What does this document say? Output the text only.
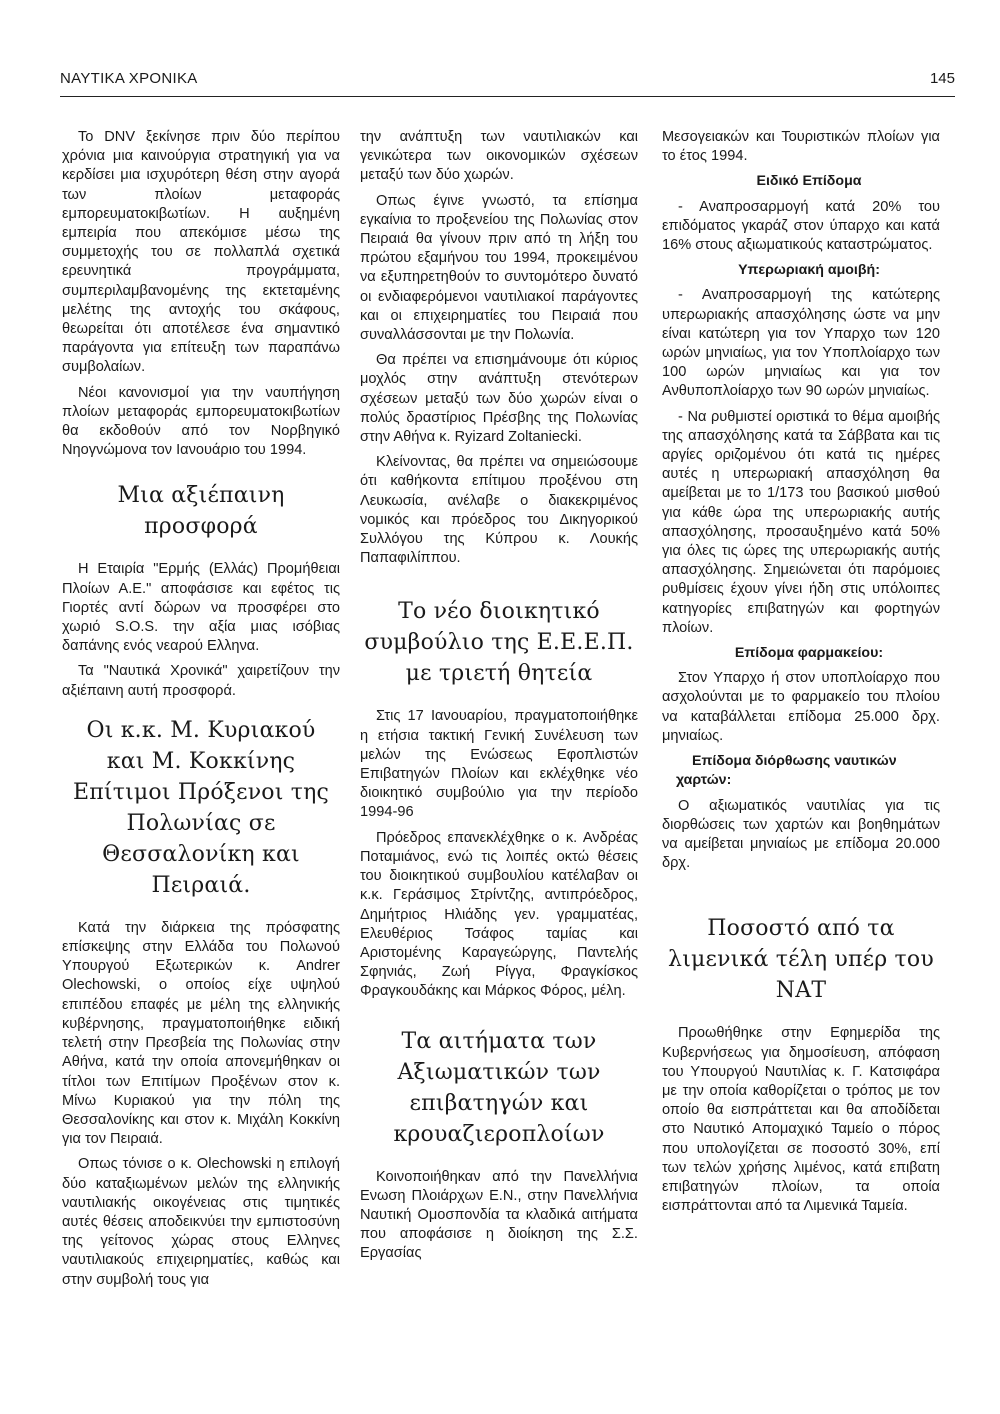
ΝΑΥΤΙΚΑ ΧΡΟΝΙΚΑ	145

Το DNV ξεκίνησε πριν δύο περίπου χρόνια μια καινούργια στρατηγική για να κερδίσει μια ισχυρότερη θέση στην αγορά των πλοίων μεταφοράς εμπορευματοκιβωτίων. Η αυξημένη εμπειρία που απεκόμισε μέσω της συμμετοχής του σε πολλαπλά σχετικά ερευνητικά προγράμματα, συμπεριλαμβανομένης της εκτεταμένης μελέτης της αντοχής του σκάφους, θεωρείται ότι αποτέλεσε ένα σημαντικό παράγοντα για επίτευξη των παραπάνω συμβολαίων.

Νέοι κανονισμοί για την ναυπήγηση πλοίων μεταφοράς εμπορευματοκιβωτίων θα εκδοθούν από τον Νορβηγικό Νηογνώμονα τον Ιανουάριο του 1994.

Μια αξιέπαινη προσφορά

Η Εταιρία "Ερμής (Ελλάς) Προμήθειαι Πλοίων Α.Ε." αποφάσισε και εφέτος τις Γιορτές αντί δώρων να προσφέρει στο χωριό S.O.S. την αξία μιας ισόβιας δαπάνης ενός νεαρού Ελληνα.

Τα "Ναυτικά Χρονικά" χαιρετίζουν την αξιέπαινη αυτή προσφορά.

Οι κ.κ. Μ. Κυριακού και Μ. Κοκκίνης Επίτιμοι Πρόξενοι της Πολωνίας σε Θεσσαλονίκη και Πειραιά.

Κατά την διάρκεια της πρόσφατης επίσκεψης στην Ελλάδα του Πολωνού Υπουργού Εξωτερικών κ. Andrer Olechowski, ο οποίος είχε υψηλού επιπέδου επαφές με μέλη της ελληνικής κυβέρνησης, πραγματοποιήθηκε ειδική τελετή στην Πρεσβεία της Πολωνίας στην Αθήνα, κατά την οποία απονεμήθηκαν οι τίτλοι των Επιτίμων Προξένων στον κ. Μίνω Κυριακού για την πόλη της Θεσσαλονίκης και στον κ. Μιχάλη Κοκκίνη για τον Πειραιά.

Οπως τόνισε ο κ. Olechowski η επιλογή δύο καταξιωμένων μελών της ελληνικής ναυτιλιακής οικογένειας στις τιμητικές αυτές θέσεις αποδεικνύει την εμπιστοσύνη της γείτονος χώρας στους Ελληνες ναυτιλιακούς επιχειρηματίες, καθώς και στην συμβολή τους για

την ανάπτυξη των ναυτιλιακών και γενικώτερα των οικονομικών σχέσεων μεταξύ των δύο χωρών.

Οπως έγινε γνωστό, τα επίσημα εγκαίνια το προξενείου της Πολωνίας στον Πειραιά θα γίνουν πριν από τη λήξη του πρώτου εξαμήνου του 1994, προκειμένου να εξυπηρετηθούν το συντομότερο δυνατό οι ενδιαφερόμενοι ναυτιλιακοί παράγοντες και οι επιχειρηματίες του Πειραιά που συναλλάσσονται με την Πολωνία.

Θα πρέπει να επισημάνουμε ότι κύριος μοχλός στην ανάπτυξη στενότερων σχέσεων μεταξύ των δύο χωρών είναι ο πολύς δραστίριος Πρέσβης της Πολωνίας στην Αθήνα κ. Ryizard Zoltaniecki.

Κλείνοντας, θα πρέπει να σημειώσουμε ότι καθήκοντα επίτιμου προξένου στη Λευκωσία, ανέλαβε ο διακεκριμένος νομικός και πρόεδρος του Δικηγορικού Συλλόγου της Κύπρου κ. Λουκής Παπαφιλίππου.

Το νέο διοικητικό συμβούλιο της Ε.Ε.Ε.Π. με τριετή θητεία

Στις 17 Ιανουαρίου, πραγματοποιήθηκε η ετήσια τακτική Γενική Συνέλευση των μελών της Ενώσεως Εφοπλιστών Επιβατηγών Πλοίων και εκλέχθηκε νέο διοικητικό συμβούλιο για την περίοδο 1994-96

Πρόεδρος επανεκλέχθηκε ο κ. Ανδρέας Ποταμιάνος, ενώ τις λοιπές οκτώ θέσεις του διοικητικού συμβουλίου κατέλαβαν οι κ.κ. Γεράσιμος Στρίντζης, αντιπρόεδρος, Δημήτριος Ηλιάδης γεν. γραμματέας, Ελευθέριος Τσάφος ταμίας και Αριστομένης Καραγεώργης, Παντελής Σφηνιάς, Ζωή Ρίγγα, Φραγκίσκος Φραγκουδάκης και Μάρκος Φόρος, μέλη.

Τα αιτήματα των Αξιωματικών των επιβατηγών και κρουαζιεροπλοίων

Κοινοποιήθηκαν από την Πανελλήνια Ενωση Πλοιάρχων Ε.Ν., στην Πανελλήνια Ναυτική Ομοσπονδία τα κλαδικά αιτήματα που αποφάσισε η διοίκηση της Σ.Σ. Εργασίας

Μεσογειακών και Τουριστικών πλοίων για το έτος 1994.

Ειδικό Επίδομα

- Αναπροσαρμογή κατά 20% του επιδόματος γκαράζ στον ύπαρχο και κατά 16% στους αξιωματικούς καταστρώματος.

Υπερωριακή αμοιβή:

- Αναπροσαρμογή της κατώτερης υπερωριακής απασχόλησης ώστε να μην είναι κατώτερη για τον Υπαρχο των 120 ωρών μηνιαίως, για τον Υποπλοίαρχο των 100 ωρών μηνιαίως και για τον Ανθυποπλοίαρχο των 90 ωρών μηνιαίως.

- Να ρυθμιστεί οριστικά το θέμα αμοιβής της απασχόλησης κατά τα Σάββατα και τις αργίες οριζομένου ότι κατά τις ημέρες αυτές η υπερωριακή απασχόληση θα αμείβεται με το 1/173 του βασικού μισθού για κάθε ώρα της υπερωριακής αυτής απασχόλησης, προσαυξημένο κατά 50% για όλες τις ώρες της υπερωριακής αυτής απασχόλησης. Σημειώνεται ότι παρόμοιες ρυθμίσεις έχουν γίνει ήδη στις υπόλοιπες κατηγορίες επιβατηγών και φορτηγών πλοίων.

Επίδομα φαρμακείου:

Στον Υπαρχο ή στον υποπλοίαρχο που ασχολούνται με το φαρμακείο του πλοίου να καταβάλλεται επίδομα 25.000 δρχ. μηνιαίως.

Επίδομα διόρθωσης ναυτικών χαρτών:

Ο αξιωματικός ναυτιλίας για τις διορθώσεις των χαρτών και βοηθημάτων να αμείβεται μηνιαίως με επίδομα 20.000 δρχ.

Ποσοστό από τα λιμενικά τέλη υπέρ του ΝΑΤ

Προωθήθηκε στην Εφημερίδα της Κυβερνήσεως για δημοσίευση, απόφαση του Υπουργού Ναυτιλίας κ. Γ. Κατσιφάρα με την οποία καθορίζεται ο τρόπος με τον οποίο θα εισπράττεται και θα αποδίδεται στο Ναυτικό Απομαχικό Ταμείο ο πόρος που υπολογίζεται σε ποσοστό 30%, επί των τελών χρήσης λιμένος, κατά επιβατη επιβατηγών πλοίων, τα οποία εισπράττονται από τα Λιμενικά Ταμεία.
